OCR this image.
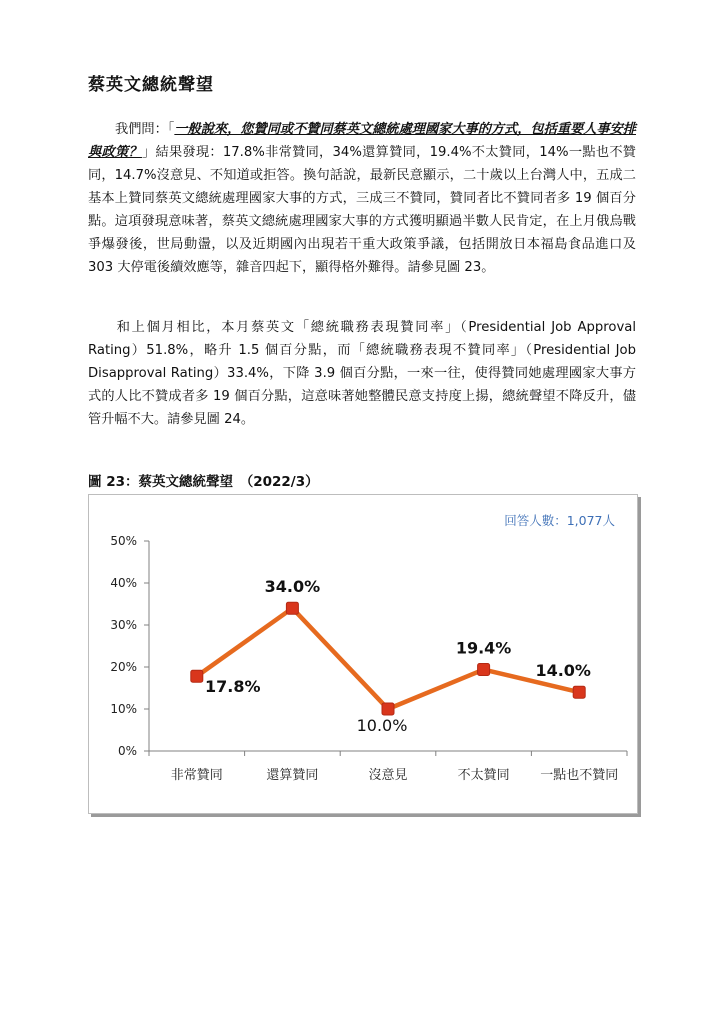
蔡英文總統聲望
我們問：「一般說來，您贊同或不贊同蔡英文總統處理國家大事的方式，包括重要人事安排與政策？」結果發現：17.8%非常贊同，34%還算贊同，19.4%不太贊同，14%一點也不贊同，14.7%沒意見、不知道或拒答。換句話說，最新民意顯示，二十歲以上台灣人中，五成二基本上贊同蔡英文總統處理國家大事的方式，三成三不贊同，贊同者比不贊同者多 19 個百分點。這項發現意味著，蔡英文總統處理國家大事的方式獲明顯過半數人民肯定，在上月俄烏戰爭爆發後，世局動盪，以及近期國內出現若干重大政策爭議，包括開放日本福島食品進口及 303 大停電後續效應等，雜音四起下，顯得格外難得。請參見圖 23。
和上個月相比，本月蔡英文「總統職務表現贊同率」（Presidential Job Approval Rating）51.8%，略升 1.5 個百分點，而「總統職務表現不贊同率」（Presidential Job Disapproval Rating）33.4%，下降 3.9 個百分點，一來一往，使得贊同她處理國家大事方式的人比不贊成者多 19 個百分點，這意味著她整體民意支持度上揚，總統聲望不降反升，儘管升幅不大。請參見圖 24。
圖 23：蔡英文總統聲望　（2022/3）
回答人數：1,077人
0%
10%
20%
30%
40%
50%
非常贊同	還算贊同	沒意見	不太贊同 一點也不贊同
17.8%
34.0%
10.0%
19.4%
14.0%
